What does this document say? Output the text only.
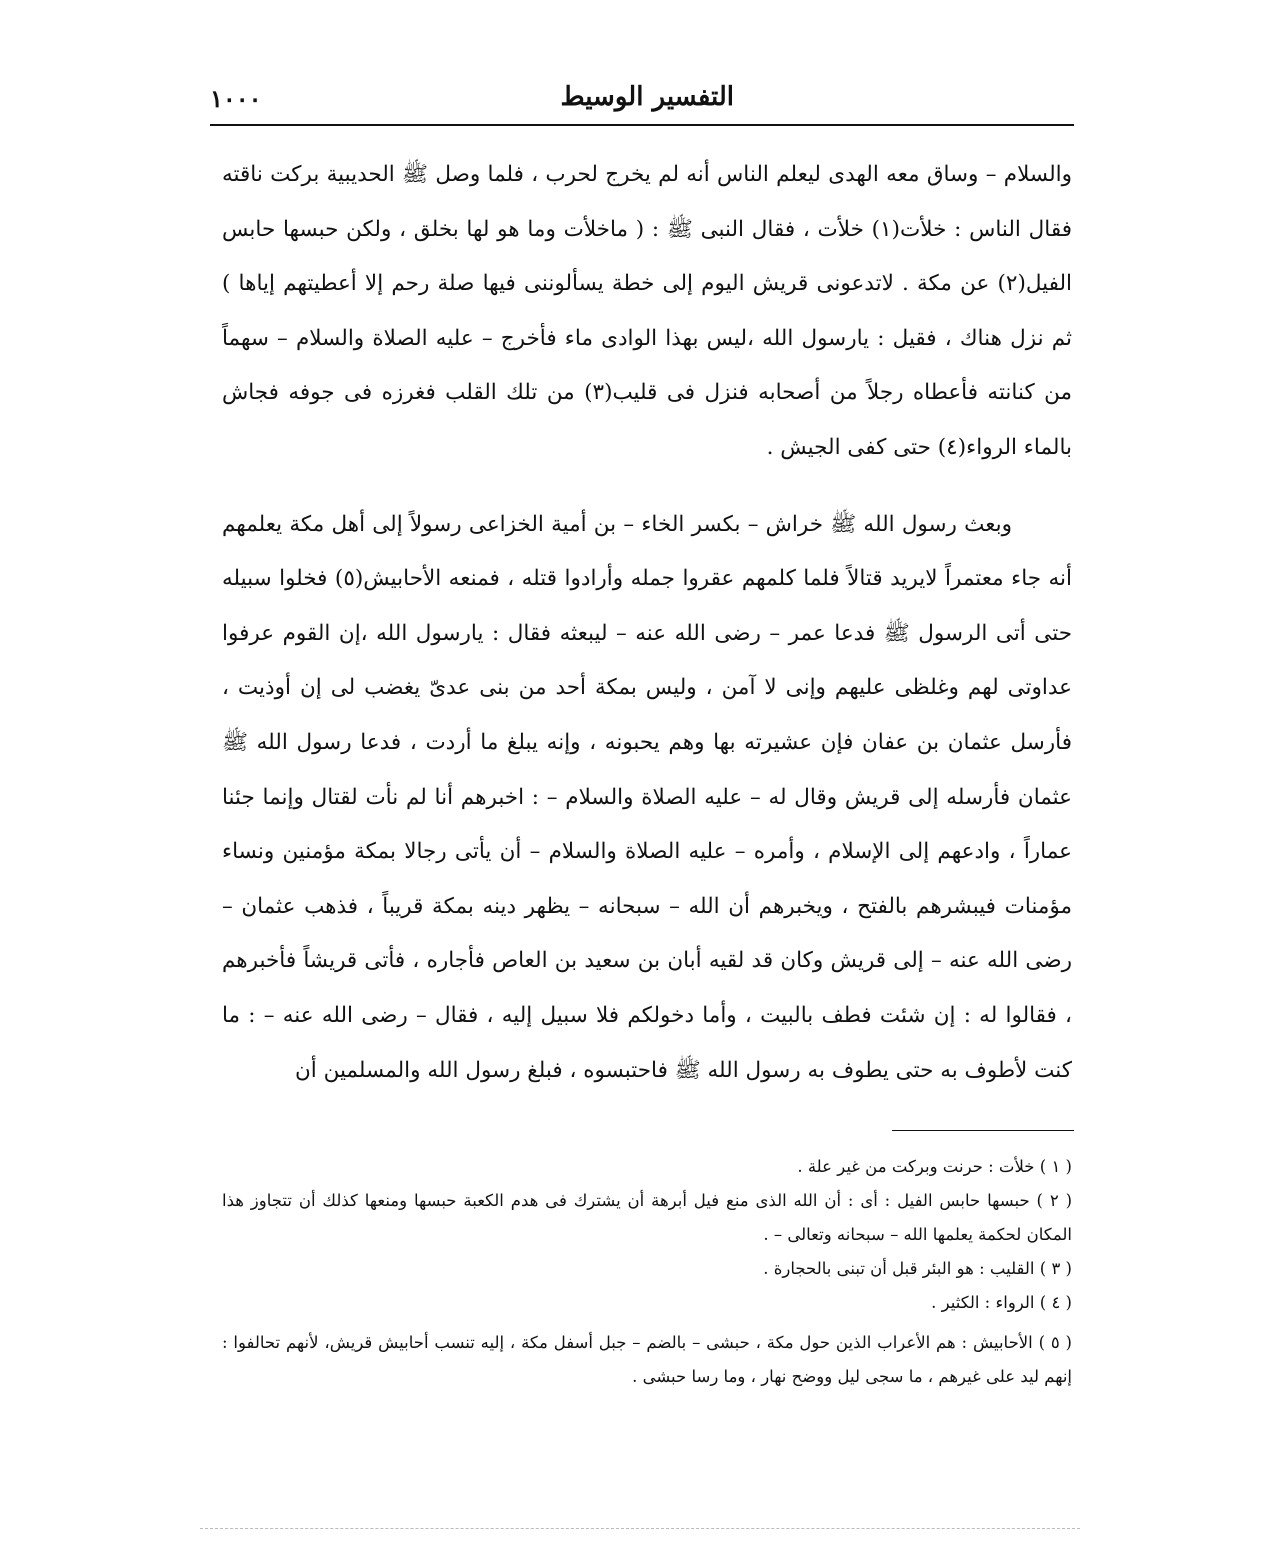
التفسير الوسيط
١٠٠٠

والسلام – وساق معه الهدى ليعلم الناس أنه لم يخرج لحرب ، فلما وصل ﷺ الحديبية بركت ناقته فقال الناس : خلأت(١) خلأت ، فقال النبى ﷺ : ( ماخلأت وما هو لها بخلق ، ولكن حبسها حابس الفيل(٢) عن مكة . لاتدعونى قريش اليوم إلى خطة يسألوننى فيها صلة رحم إلا أعطيتهم إياها ) ثم نزل هناك ، فقيل : يارسول الله ،ليس بهذا الوادى ماء فأخرج – عليه الصلاة والسلام – سهماً من كنانته فأعطاه رجلاً من أصحابه فنزل فى قليب(٣) من تلك القلب فغرزه فى جوفه فجاش بالماء الرواء(٤) حتى كفى الجيش .

وبعث رسول الله ﷺ خراش – بكسر الخاء – بن أمية الخزاعى رسولاً إلى أهل مكة يعلمهم أنه جاء معتمراً لايريد قتالاً فلما كلمهم عقروا جمله وأرادوا قتله ، فمنعه الأحابيش(٥) فخلوا سبيله حتى أتى الرسول ﷺ فدعا عمر – رضى الله عنه – ليبعثه فقال : يارسول الله ،إن القوم عرفوا عداوتى لهم وغلظى عليهم وإنى لا آمن ، وليس بمكة أحد من بنى عدىّ يغضب لى إن أوذيت ، فأرسل عثمان بن عفان فإن عشيرته بها وهم يحبونه ، وإنه يبلغ ما أردت ، فدعا رسول الله ﷺ عثمان فأرسله إلى قريش وقال له – عليه الصلاة والسلام – : اخبرهم أنا لم نأت لقتال وإنما جئنا عماراً ، وادعهم إلى الإسلام ، وأمره – عليه الصلاة والسلام – أن يأتى رجالا بمكة مؤمنين ونساء مؤمنات فيبشرهم بالفتح ، ويخبرهم أن الله – سبحانه – يظهر دينه بمكة قريباً ، فذهب عثمان – رضى الله عنه – إلى قريش وكان قد لقيه أبان بن سعيد بن العاص فأجاره ، فأتى قريشاً فأخبرهم ، فقالوا له : إن شئت فطف بالبيت ، وأما دخولكم فلا سبيل إليه ، فقال – رضى الله عنه – : ما كنت لأطوف به حتى يطوف به رسول الله ﷺ فاحتبسوه ، فبلغ رسول الله والمسلمين أن

( ١ ) خلأت : حرنت وبركت من غير علة .

( ٢ ) حبسها حابس الفيل : أى : أن الله الذى منع فيل أبرهة أن يشترك فى هدم الكعبة حبسها ومنعها كذلك أن تتجاوز هذا المكان لحكمة يعلمها الله – سبحانه وتعالى – .

( ٣ ) القليب : هو البئر قبل أن تبنى بالحجارة .

( ٤ ) الرواء : الكثير .

( ٥ ) الأحابيش : هم الأعراب الذين حول مكة ، حبشى – بالضم – جبل أسفل مكة ، إليه تنسب أحابيش قريش، لأنهم تحالفوا : إنهم ليد على غيرهم ، ما سجى ليل ووضح نهار ، وما رسا حبشى .
